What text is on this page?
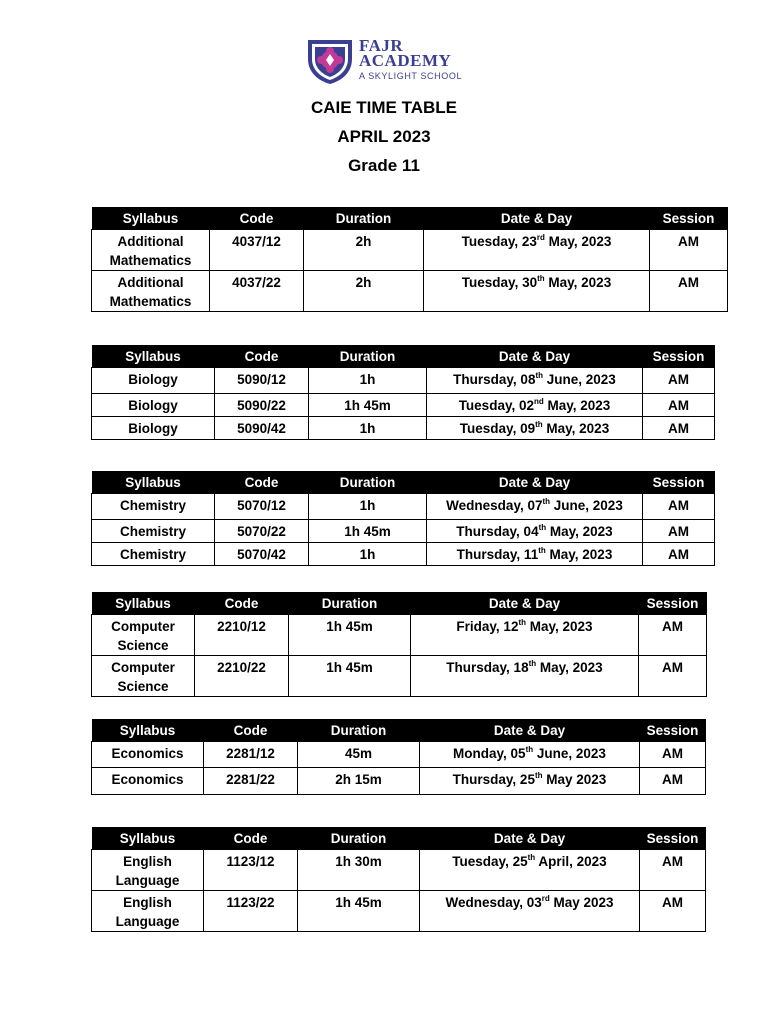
FAJR
ACADEMY
A SKYLIGHT SCHOOL
CAIE TIME TABLE
APRIL 2023
Grade 11
Syllabus	Code	Duration	Date & Day	Session
Additional Mathematics	4037/12	2h	Tuesday, 23rd May, 2023	AM
Additional Mathematics	4037/22	2h	Tuesday, 30th May, 2023	AM
Syllabus	Code	Duration	Date & Day	Session
Biology	5090/12	1h	Thursday, 08th June, 2023	AM
Biology	5090/22	1h 45m	Tuesday, 02nd May, 2023	AM
Biology	5090/42	1h	Tuesday, 09th May, 2023	AM
Syllabus	Code	Duration	Date & Day	Session
Chemistry	5070/12	1h	Wednesday, 07th June, 2023	AM
Chemistry	5070/22	1h 45m	Thursday, 04th May, 2023	AM
Chemistry	5070/42	1h	Thursday, 11th May, 2023	AM
Syllabus	Code	Duration	Date & Day	Session
Computer Science	2210/12	1h 45m	Friday, 12th May, 2023	AM
Computer Science	2210/22	1h 45m	Thursday, 18th May, 2023	AM
Syllabus	Code	Duration	Date & Day	Session
Economics	2281/12	45m	Monday, 05th June, 2023	AM
Economics	2281/22	2h 15m	Thursday, 25th May 2023	AM
Syllabus	Code	Duration	Date & Day	Session
English Language	1123/12	1h 30m	Tuesday, 25th April, 2023	AM
English Language	1123/22	1h 45m	Wednesday, 03rd May 2023	AM
